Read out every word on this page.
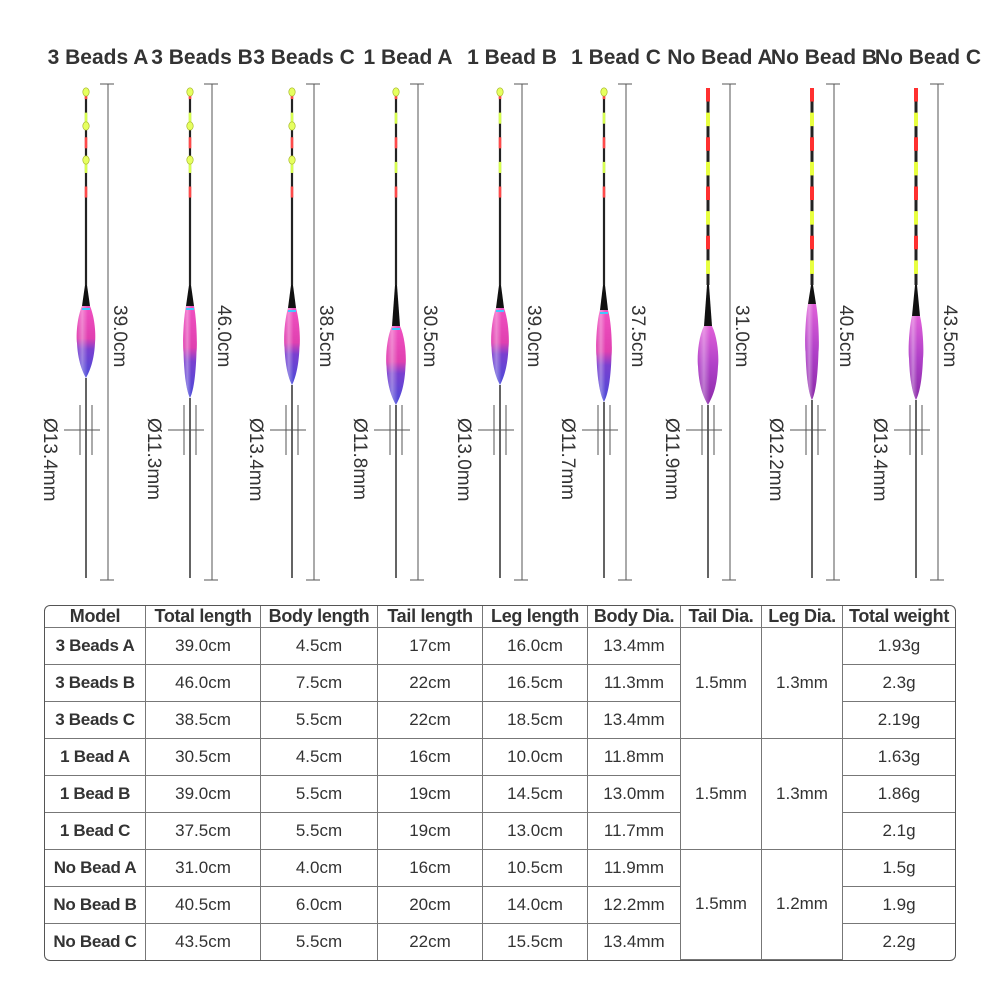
3 Beads A
39.0cm
Ø13.4mm
3 Beads B
46.0cm
Ø11.3mm
3 Beads C
38.5cm
Ø13.4mm
1 Bead A
30.5cm
Ø11.8mm
1 Bead B
39.0cm
Ø13.0mm
1 Bead C
37.5cm
Ø11.7mm
No Bead A
31.0cm
Ø11.9mm
No Bead B
40.5cm
Ø12.2mm
No Bead C
43.5cm
Ø13.4mm
Model	Total length	Body length	Tail length	Leg length	Body Dia.	Tail Dia.	Leg Dia.	Total weight
3 Beads A	39.0cm	4.5cm	17cm	16.0cm	13.4mm	1.5mm	1.3mm	1.93g
3 Beads B	46.0cm	7.5cm	22cm	16.5cm	11.3mm			2.3g
3 Beads C	38.5cm	5.5cm	22cm	18.5cm	13.4mm			2.19g
1 Bead A	30.5cm	4.5cm	16cm	10.0cm	11.8mm	1.5mm	1.3mm	1.63g
1 Bead B	39.0cm	5.5cm	19cm	14.5cm	13.0mm			1.86g
1 Bead C	37.5cm	5.5cm	19cm	13.0cm	11.7mm			2.1g
No Bead A	31.0cm	4.0cm	16cm	10.5cm	11.9mm	1.5mm	1.2mm	1.5g
No Bead B	40.5cm	6.0cm	20cm	14.0cm	12.2mm			1.9g
No Bead C	43.5cm	5.5cm	22cm	15.5cm	13.4mm			2.2g
